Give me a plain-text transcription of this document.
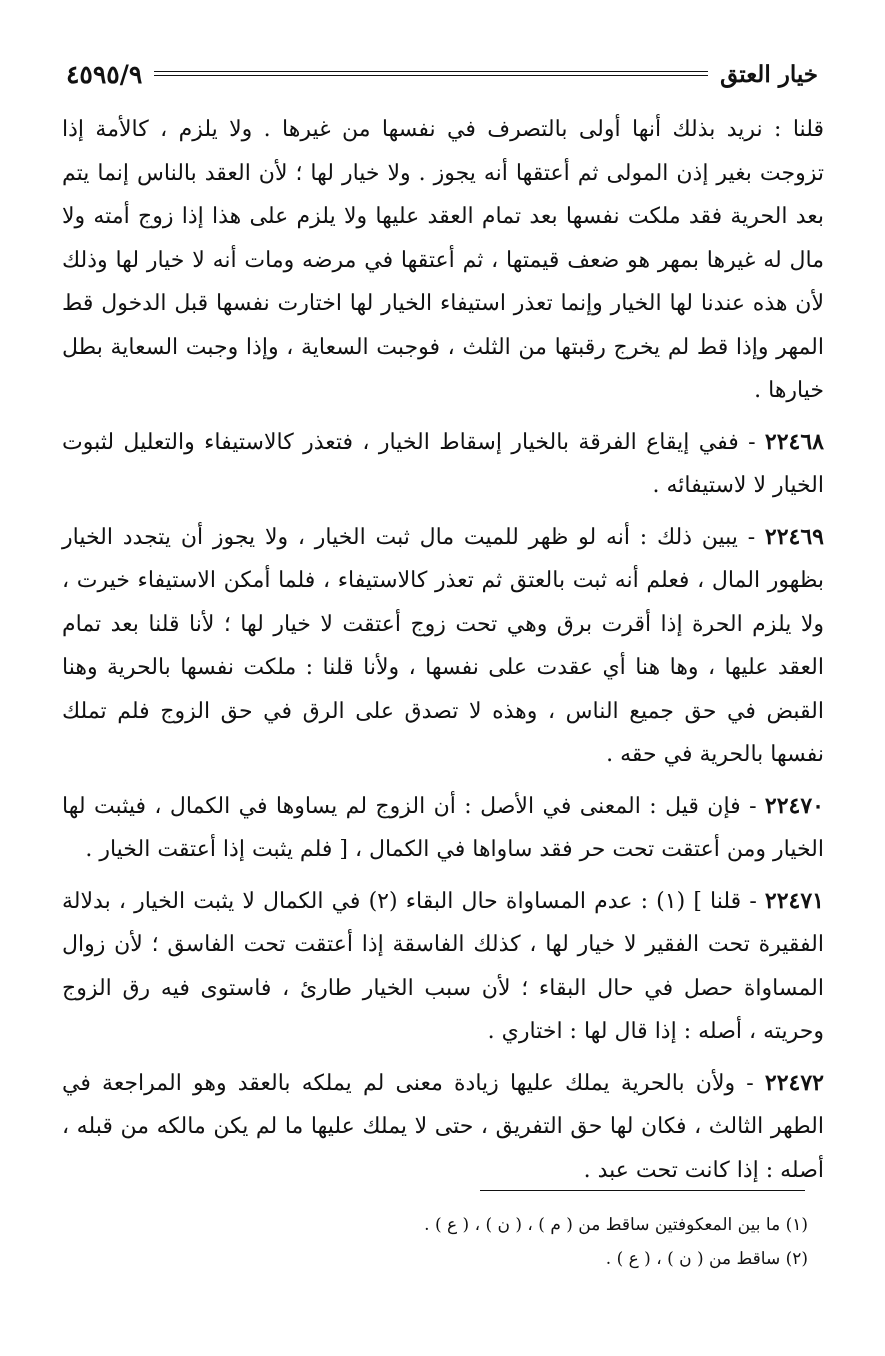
خيار العتق
٤٥٩٥/٩

قلنا : نريد بذلك أنها أولى بالتصرف في نفسها من غيرها . ولا يلزم ، كالأمة إذا تزوجت بغير إذن المولى ثم أعتقها أنه يجوز . ولا خيار لها ؛ لأن العقد بالناس إنما يتم بعد الحرية فقد ملكت نفسها بعد تمام العقد عليها ولا يلزم على هذا إذا زوج أمته ولا مال له غيرها بمهر هو ضعف قيمتها ، ثم أعتقها في مرضه ومات أنه لا خيار لها وذلك لأن هذه عندنا لها الخيار وإنما تعذر استيفاء الخيار لها اختارت نفسها قبل الدخول قط المهر وإذا قط لم يخرج رقبتها من الثلث ، فوجبت السعاية ، وإذا وجبت السعاية بطل خيارها .

٢٢٤٦٨ - ففي إيقاع الفرقة بالخيار إسقاط الخيار ، فتعذر كالاستيفاء والتعليل لثبوت الخيار لا لاستيفائه .

٢٢٤٦٩ - يبين ذلك : أنه لو ظهر للميت مال ثبت الخيار ، ولا يجوز أن يتجدد الخيار بظهور المال ، فعلم أنه ثبت بالعتق ثم تعذر كالاستيفاء ، فلما أمكن الاستيفاء خيرت ، ولا يلزم الحرة إذا أقرت برق وهي تحت زوج أعتقت لا خيار لها ؛ لأنا قلنا بعد تمام العقد عليها ، وها هنا أي عقدت على نفسها ، ولأنا قلنا : ملكت نفسها بالحرية وهنا القبض في حق جميع الناس ، وهذه لا تصدق على الرق في حق الزوج فلم تملك نفسها بالحرية في حقه .

٢٢٤٧٠ - فإن قيل : المعنى في الأصل : أن الزوج لم يساوها في الكمال ، فيثبت لها الخيار ومن أعتقت تحت حر فقد ساواها في الكمال ، [ فلم يثبت إذا أعتقت الخيار .

٢٢٤٧١ - قلنا ] (١) : عدم المساواة حال البقاء (٢) في الكمال لا يثبت الخيار ، بدلالة الفقيرة تحت الفقير لا خيار لها ، كذلك الفاسقة إذا أعتقت تحت الفاسق ؛ لأن زوال المساواة حصل في حال البقاء ؛ لأن سبب الخيار طارئ ، فاستوى فيه رق الزوج وحريته ، أصله : إذا قال لها : اختاري .

٢٢٤٧٢ - ولأن بالحرية يملك عليها زيادة معنى لم يملكه بالعقد وهو المراجعة في الطهر الثالث ، فكان لها حق التفريق ، حتى لا يملك عليها ما لم يكن مالكه من قبله ، أصله : إذا كانت تحت عبد .

(١) ما بين المعكوفتين ساقط من ( م ) ، ( ن ) ، ( ع ) .

(٢) ساقط من ( ن ) ، ( ع ) .
